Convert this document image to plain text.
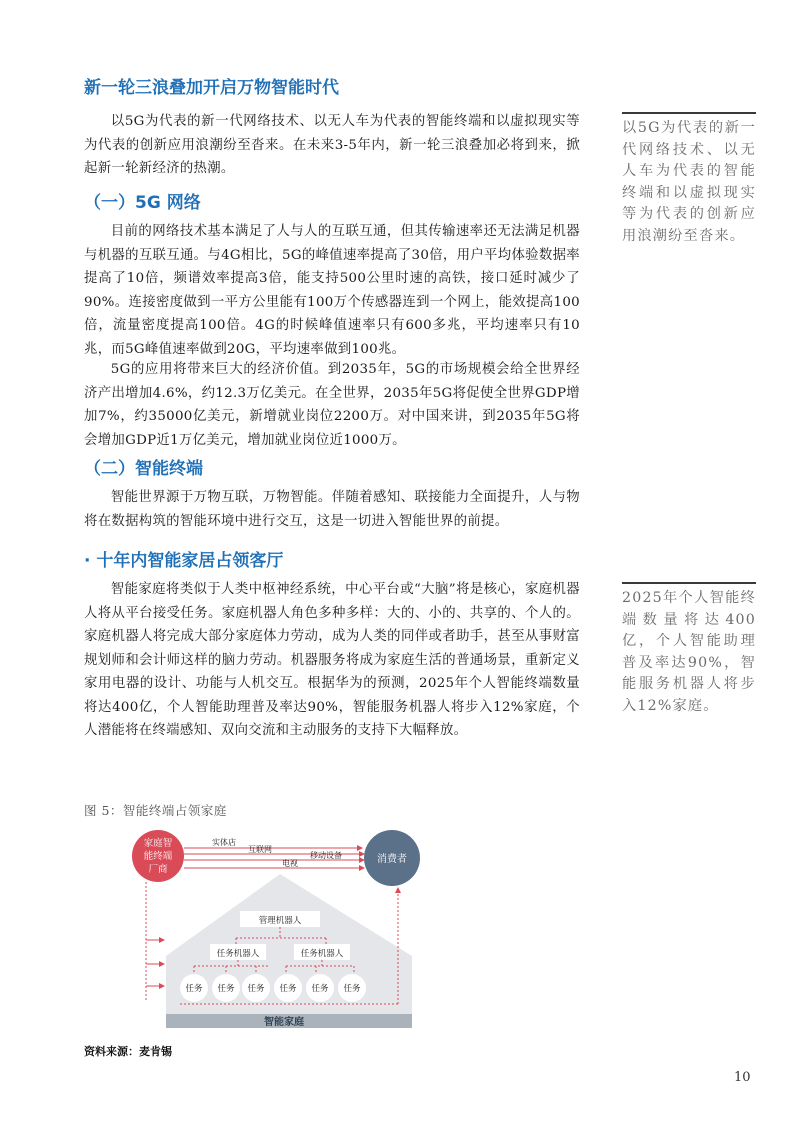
新一轮三浪叠加开启万物智能时代

以5G为代表的新一代网络技术、以无人车为代表的智能终端和以虚拟现实等为代表的创新应用浪潮纷至沓来。在未来3-5年内，新一轮三浪叠加必将到来，掀起新一轮新经济的热潮。

以5G为代表的新一代网络技术、以无人车为代表的智能终端和以虚拟现实等为代表的创新应用浪潮纷至沓来。
（一）5G 网络

目前的网络技术基本满足了人与人的互联互通，但其传输速率还无法满足机器与机器的互联互通。与4G相比，5G的峰值速率提高了30倍，用户平均体验数据率提高了10倍，频谱效率提高3倍，能支持500公里时速的高铁，接口延时减少了90%。连接密度做到一平方公里能有100万个传感器连到一个网上，能效提高100倍，流量密度提高100倍。4G的时候峰值速率只有600多兆，平均速率只有10兆，而5G峰值速率做到20G，平均速率做到100兆。

5G的应用将带来巨大的经济价值。到2035年，5G的市场规模会给全世界经济产出增加4.6%，约12.3万亿美元。在全世界，2035年5G将促使全世界GDP增加7%，约35000亿美元，新增就业岗位2200万。对中国来讲，到2035年5G将会增加GDP近1万亿美元，增加就业岗位近1000万。

（二）智能终端

智能世界源于万物互联，万物智能。伴随着感知、联接能力全面提升，人与物将在数据构筑的智能环境中进行交互，这是一切进入智能世界的前提。

· 十年内智能家居占领客厅

智能家庭将类似于人类中枢神经系统，中心平台或“大脑”将是核心，家庭机器人将从平台接受任务。家庭机器人角色多种多样：大的、小的、共享的、个人的。家庭机器人将完成大部分家庭体力劳动，成为人类的同伴或者助手，甚至从事财富规划师和会计师这样的脑力劳动。机器服务将成为家庭生活的普通场景，重新定义家用电器的设计、功能与人机交互。根据华为的预测，2025年个人智能终端数量将达400亿，个人智能助理普及率达90%，智能服务机器人将步入12%家庭，个人潜能将在终端感知、双向交流和主动服务的支持下大幅释放。

2025年个人智能终端数量将达400亿，个人智能助理普及率达90%，智能服务机器人将步入12%家庭。
图 5：智能终端占领家庭
智能家庭
家庭智
能终端
厂商
消费者
实体店
互联网
移动设备
电视
管理机器人
任务机器人	任务机器人
任务 任务 任务 任务 任务 任务
资料来源：麦肯锡
10
